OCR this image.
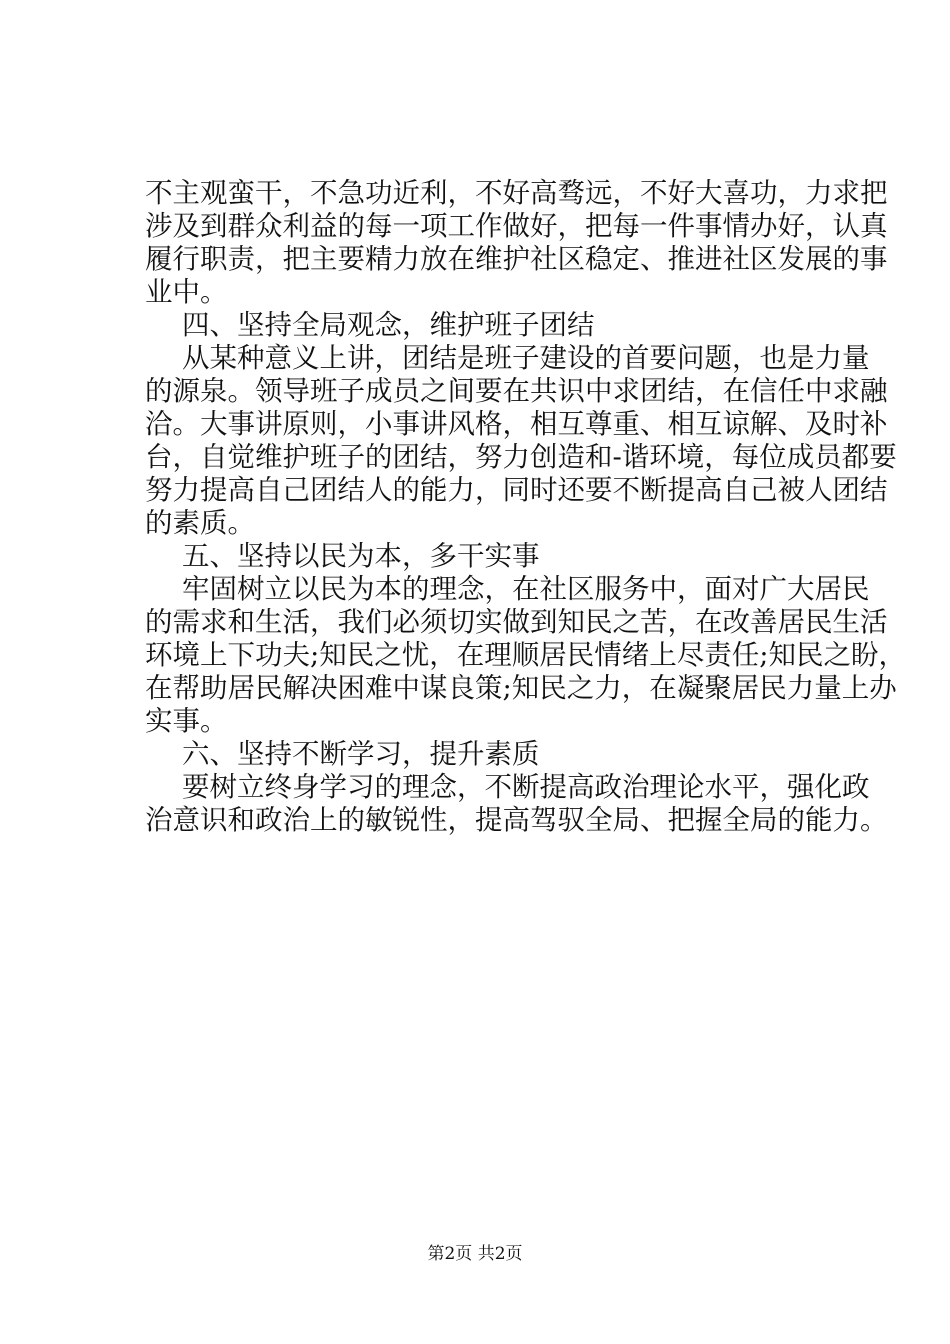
不主观蛮干，不急功近利，不好高骛远，不好大喜功，力求把
涉及到群众利益的每一项工作做好，把每一件事情办好，认真
履行职责，把主要精力放在维护社区稳定、推进社区发展的事
业中。
四、坚持全局观念，维护班子团结
从某种意义上讲，团结是班子建设的首要问题，也是力量
的源泉。领导班子成员之间要在共识中求团结，在信任中求融
洽。大事讲原则，小事讲风格，相互尊重、相互谅解、及时补
台，自觉维护班子的团结，努力创造和-谐环境，每位成员都要
努力提高自己团结人的能力，同时还要不断提高自己被人团结
的素质。
五、坚持以民为本，多干实事
牢固树立以民为本的理念，在社区服务中，面对广大居民
的需求和生活，我们必须切实做到知民之苦，在改善居民生活
环境上下功夫;知民之忧，在理顺居民情绪上尽责任;知民之盼，
在帮助居民解决困难中谋良策;知民之力，在凝聚居民力量上办
实事。
六、坚持不断学习，提升素质
要树立终身学习的理念，不断提高政治理论水平，强化政
治意识和政治上的敏锐性，提高驾驭全局、把握全局的能力。
第2页 共2页
